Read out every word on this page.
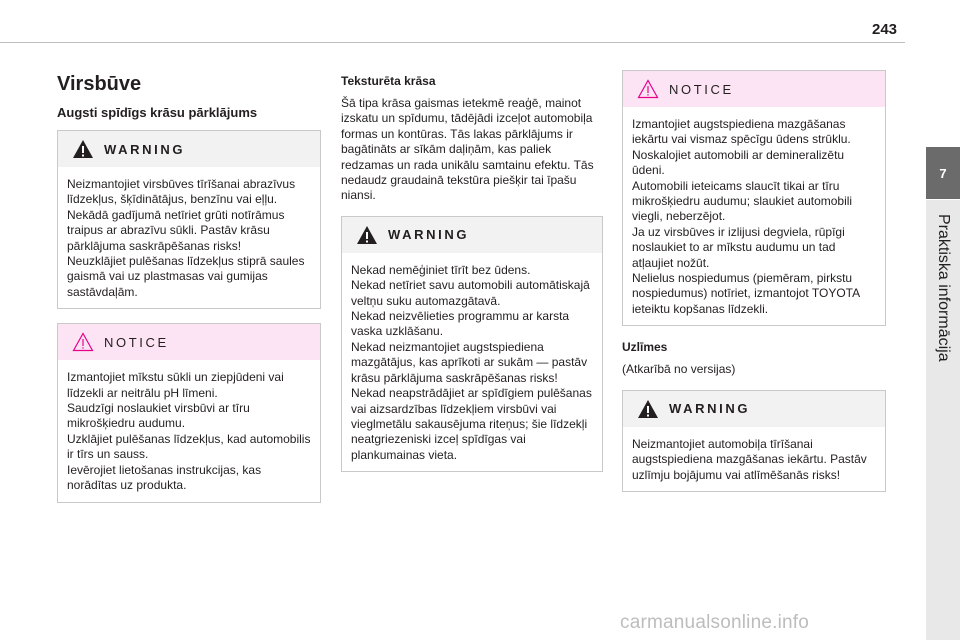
243
7
Praktiska informācija
Virsbūve
Augsti spīdīgs krāsu pārklājums
WARNING
Neizmantojiet virsbūves tīrīšanai abrazīvus līdzekļus, šķīdinātājus, benzīnu vai eļļu.
Nekādā gadījumā netīriet grūti notīrāmus traipus ar abrazīvu sūkli. Pastāv krāsu pārklājuma saskrāpēšanas risks!
Neuzklājiet pulēšanas līdzekļus stiprā saules gaismā vai uz plastmasas vai gumijas sastāvdaļām.
NOTICE
Izmantojiet mīkstu sūkli un ziepjūdeni vai līdzekli ar neitrālu pH līmeni.
Saudzīgi noslaukiet virsbūvi ar tīru mikrošķiedru audumu.
Uzklājiet pulēšanas līdzekļus, kad automobilis ir tīrs un sauss.
Ievērojiet lietošanas instrukcijas, kas norādītas uz produkta.
Teksturēta krāsa

Šā tipa krāsa gaismas ietekmē reaģē, mainot izskatu un spīdumu, tādējādi izceļot automobiļa formas un kontūras. Tās lakas pārklājums ir bagātināts ar sīkām daļiņām, kas paliek redzamas un rada unikālu samtainu efektu. Tās nedaudz graudainā tekstūra piešķir tai īpašu niansi.

WARNING
Nekad nemēģiniet tīrīt bez ūdens.
Nekad netīriet savu automobili automātiskajā veltņu suku automazgātavā.
Nekad neizvēlieties programmu ar karsta vaska uzklāšanu.
Nekad neizmantojiet augstspiediena mazgātājus, kas aprīkoti ar sukām — pastāv krāsu pārklājuma saskrāpēšanas risks!
Nekad neapstrādājiet ar spīdīgiem pulēšanas vai aizsardzības līdzekļiem virsbūvi vai vieglmetālu sakausējuma riteņus; šie līdzekļi neatgriezeniski izceļ spīdīgas vai plankumainas vieta.
NOTICE
Izmantojiet augstspiediena mazgāšanas iekārtu vai vismaz spēcīgu ūdens strūklu.
Noskalojiet automobili ar demineralizētu ūdeni.
Automobili ieteicams slaucīt tikai ar tīru mikrošķiedru audumu; slaukiet automobili viegli, neberzējot.
Ja uz virsbūves ir izlijusi degviela, rūpīgi noslaukiet to ar mīkstu audumu un tad atļaujiet nožūt.
Nelielus nospiedumus (piemēram, pirkstu nospiedumus) notīriet, izmantojot TOYOTA ieteiktu kopšanas līdzekli.
Uzlīmes

(Atkarībā no versijas)

WARNING
Neizmantojiet automobiļa tīrīšanai augstspiediena mazgāšanas iekārtu. Pastāv uzlīmju bojājumu vai atlīmēšanās risks!
carmanualsonline.info
